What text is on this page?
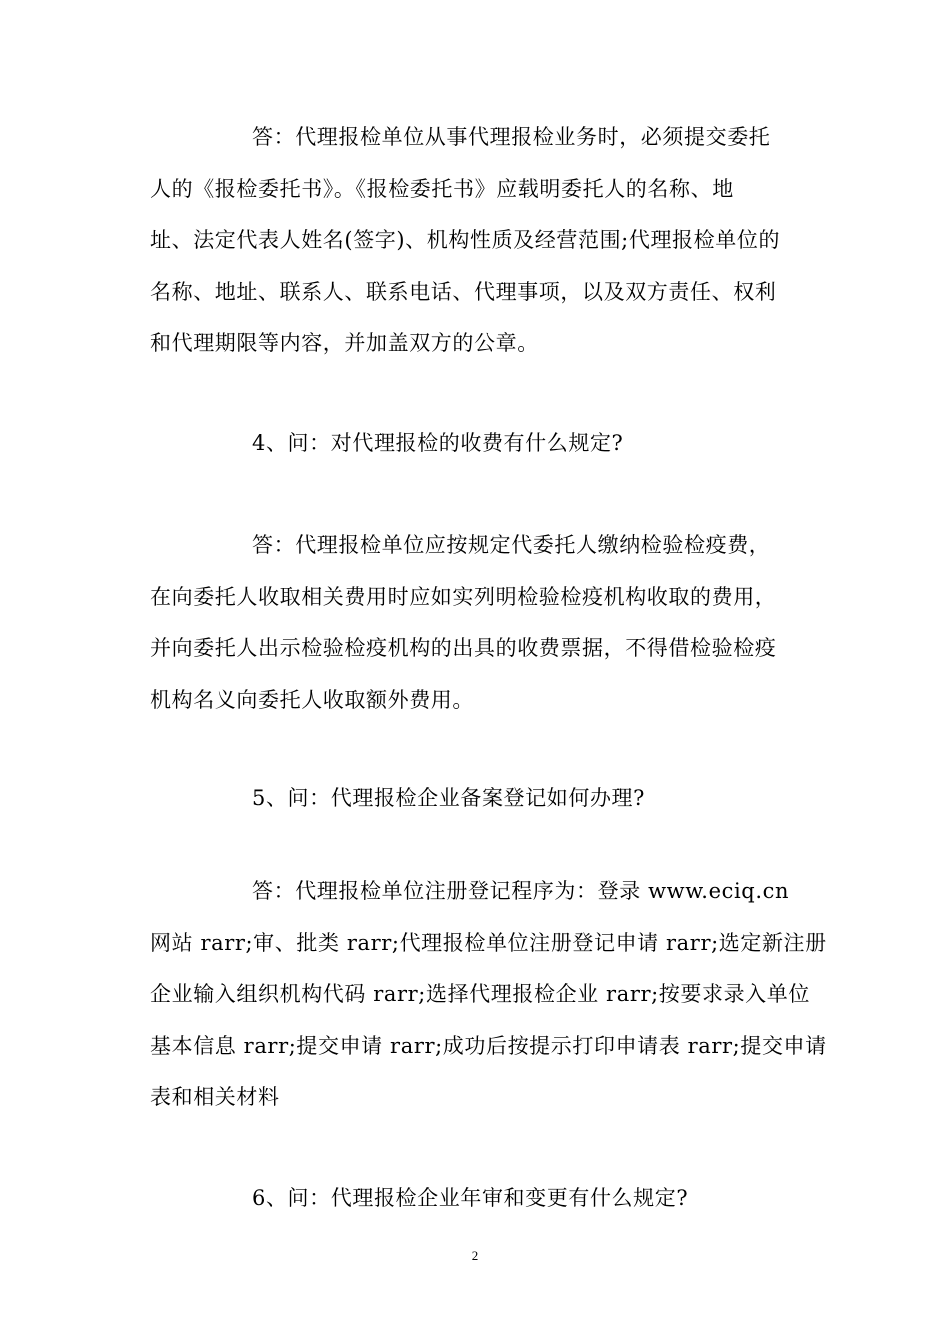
答：代理报检单位从事代理报检业务时，必须提交委托
人的《报检委托书》。《报检委托书》应载明委托人的名称、地
址、法定代表人姓名(签字)、机构性质及经营范围;代理报检单位的
名称、地址、联系人、联系电话、代理事项，以及双方责任、权利
和代理期限等内容，并加盖双方的公章。
4、问：对代理报检的收费有什么规定?
答：代理报检单位应按规定代委托人缴纳检验检疫费，
在向委托人收取相关费用时应如实列明检验检疫机构收取的费用，
并向委托人出示检验检疫机构的出具的收费票据，不得借检验检疫
机构名义向委托人收取额外费用。
5、问：代理报检企业备案登记如何办理?
答：代理报检单位注册登记程序为：登录 www.eciq.cn
网站 rarr;审、批类 rarr;代理报检单位注册登记申请 rarr;选定新注册
企业输入组织机构代码 rarr;选择代理报检企业 rarr;按要求录入单位
基本信息 rarr;提交申请 rarr;成功后按提示打印申请表 rarr;提交申请
表和相关材料
6、问：代理报检企业年审和变更有什么规定?
2
